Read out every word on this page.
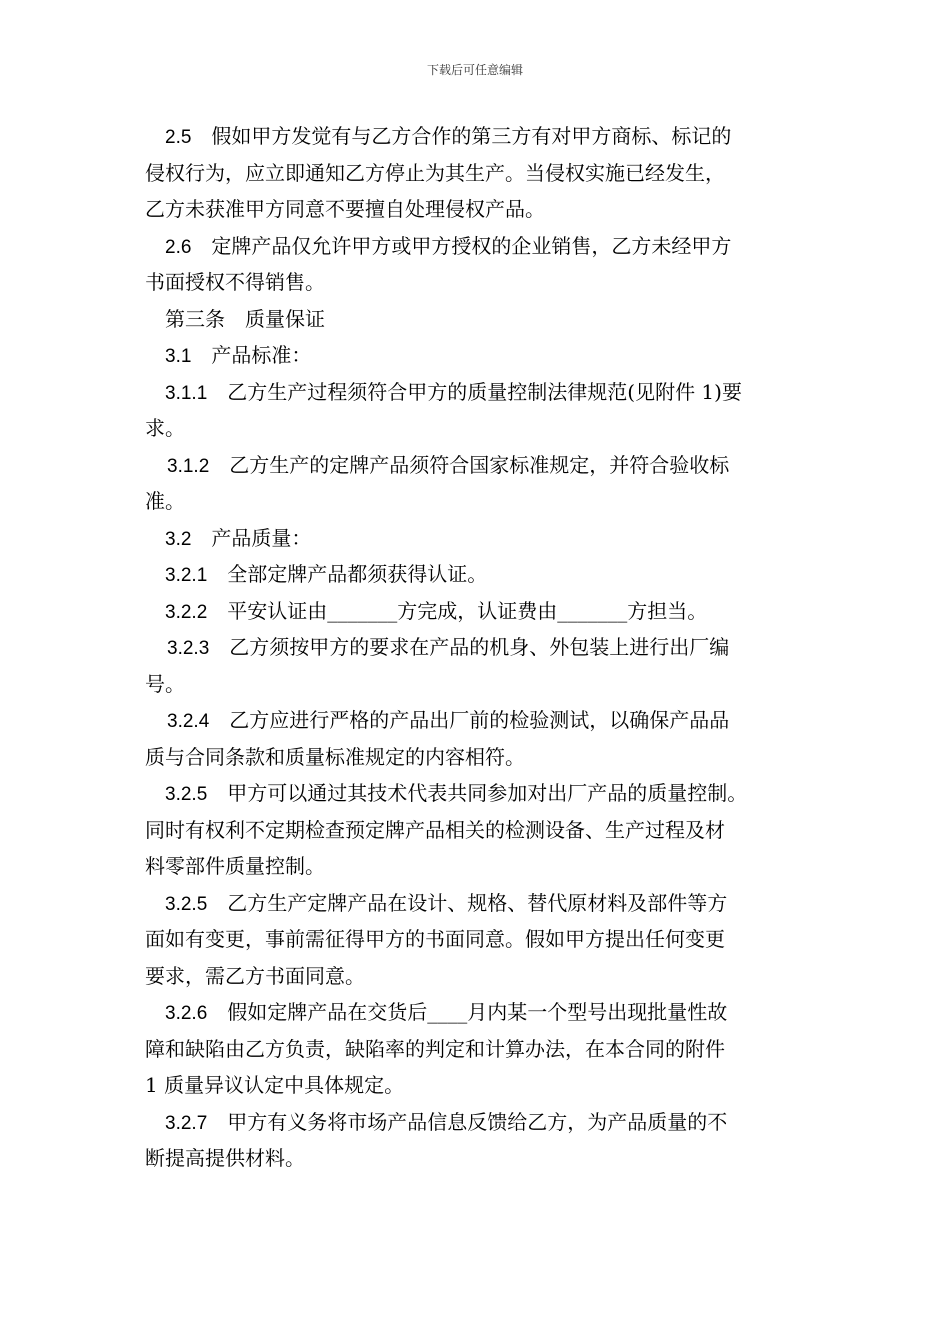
下载后可任意编辑
2.5　 假如甲方发觉有与乙方合作的第三方有对甲方商标、标记的
侵权行为，应立即通知乙方停止为其生产。当侵权实施已经发生，
乙方未获准甲方同意不要擅自处理侵权产品。
2.6　 定牌产品仅允许甲方或甲方授权的企业销售，乙方未经甲方
书面授权不得销售。
第三条　质量保证
3.1　 产品标准：
3.1.1　 乙方生产过程须符合甲方的质量控制法律规范(见附件 1)要
求。
3.1.2　 乙方生产的定牌产品须符合国家标准规定，并符合验收标
准。
3.2　 产品质量：
3.2.1　 全部定牌产品都须获得认证。
3.2.2　 平安认证由_______方完成，认证费由_______方担当。
3.2.3　 乙方须按甲方的要求在产品的机身、外包装上进行出厂编
号。
3.2.4　 乙方应进行严格的产品出厂前的检验测试，以确保产品品
质与合同条款和质量标准规定的内容相符。
3.2.5　 甲方可以通过其技术代表共同参加对出厂产品的质量控制。
同时有权利不定期检查预定牌产品相关的检测设备、生产过程及材
料零部件质量控制。
3.2.5　 乙方生产定牌产品在设计、规格、替代原材料及部件等方
面如有变更，事前需征得甲方的书面同意。假如甲方提出任何变更
要求，需乙方书面同意。
3.2.6　 假如定牌产品在交货后____月内某一个型号出现批量性故
障和缺陷由乙方负责，缺陷率的判定和计算办法，在本合同的附件
1 质量异议认定中具体规定。
3.2.7　 甲方有义务将市场产品信息反馈给乙方，为产品质量的不
断提高提供材料。
